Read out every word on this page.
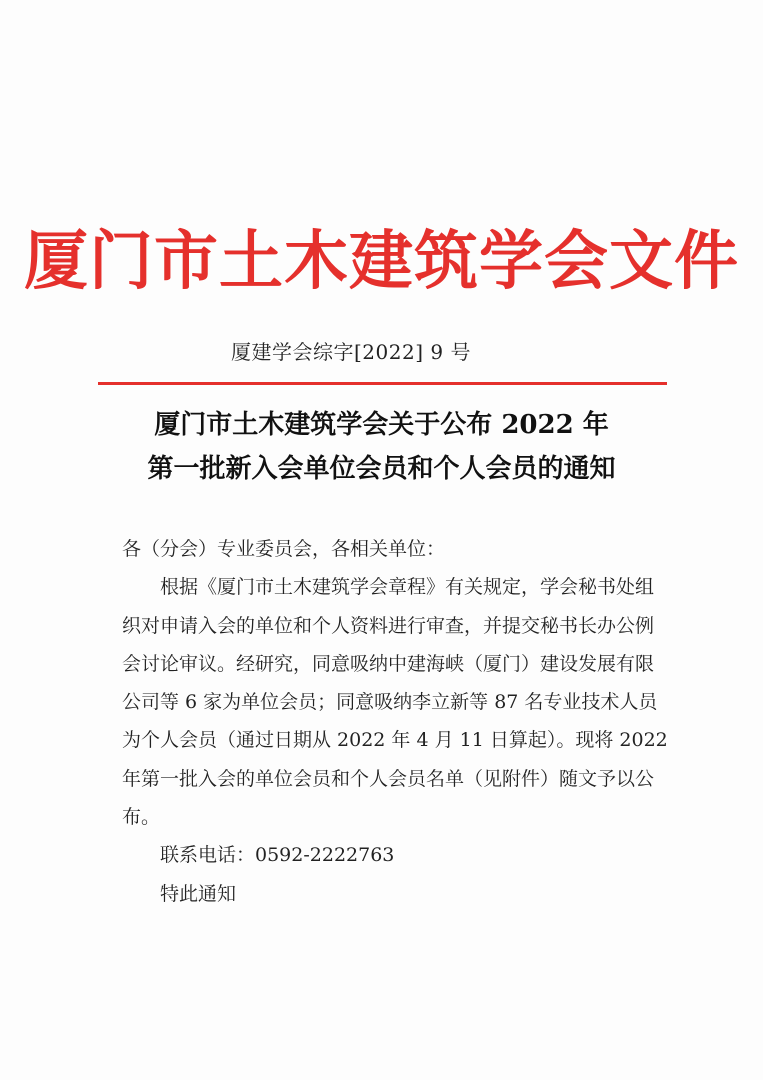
厦门市土木建筑学会文件
厦建学会综字[2022] 9 号
厦门市土木建筑学会关于公布 2022 年
第一批新入会单位会员和个人会员的通知

各（分会）专业委员会，各相关单位：

根据《厦门市土木建筑学会章程》有关规定，学会秘书处组织对申请入会的单位和个人资料进行审查，并提交秘书长办公例会讨论审议。经研究，同意吸纳中建海峡（厦门）建设发展有限公司等 6 家为单位会员；同意吸纳李立新等 87 名专业技术人员为个人会员（通过日期从 2022 年 4 月 11 日算起）。现将 2022 年第一批入会的单位会员和个人会员名单（见附件）随文予以公布。

联系电话：0592-2222763

特此通知
